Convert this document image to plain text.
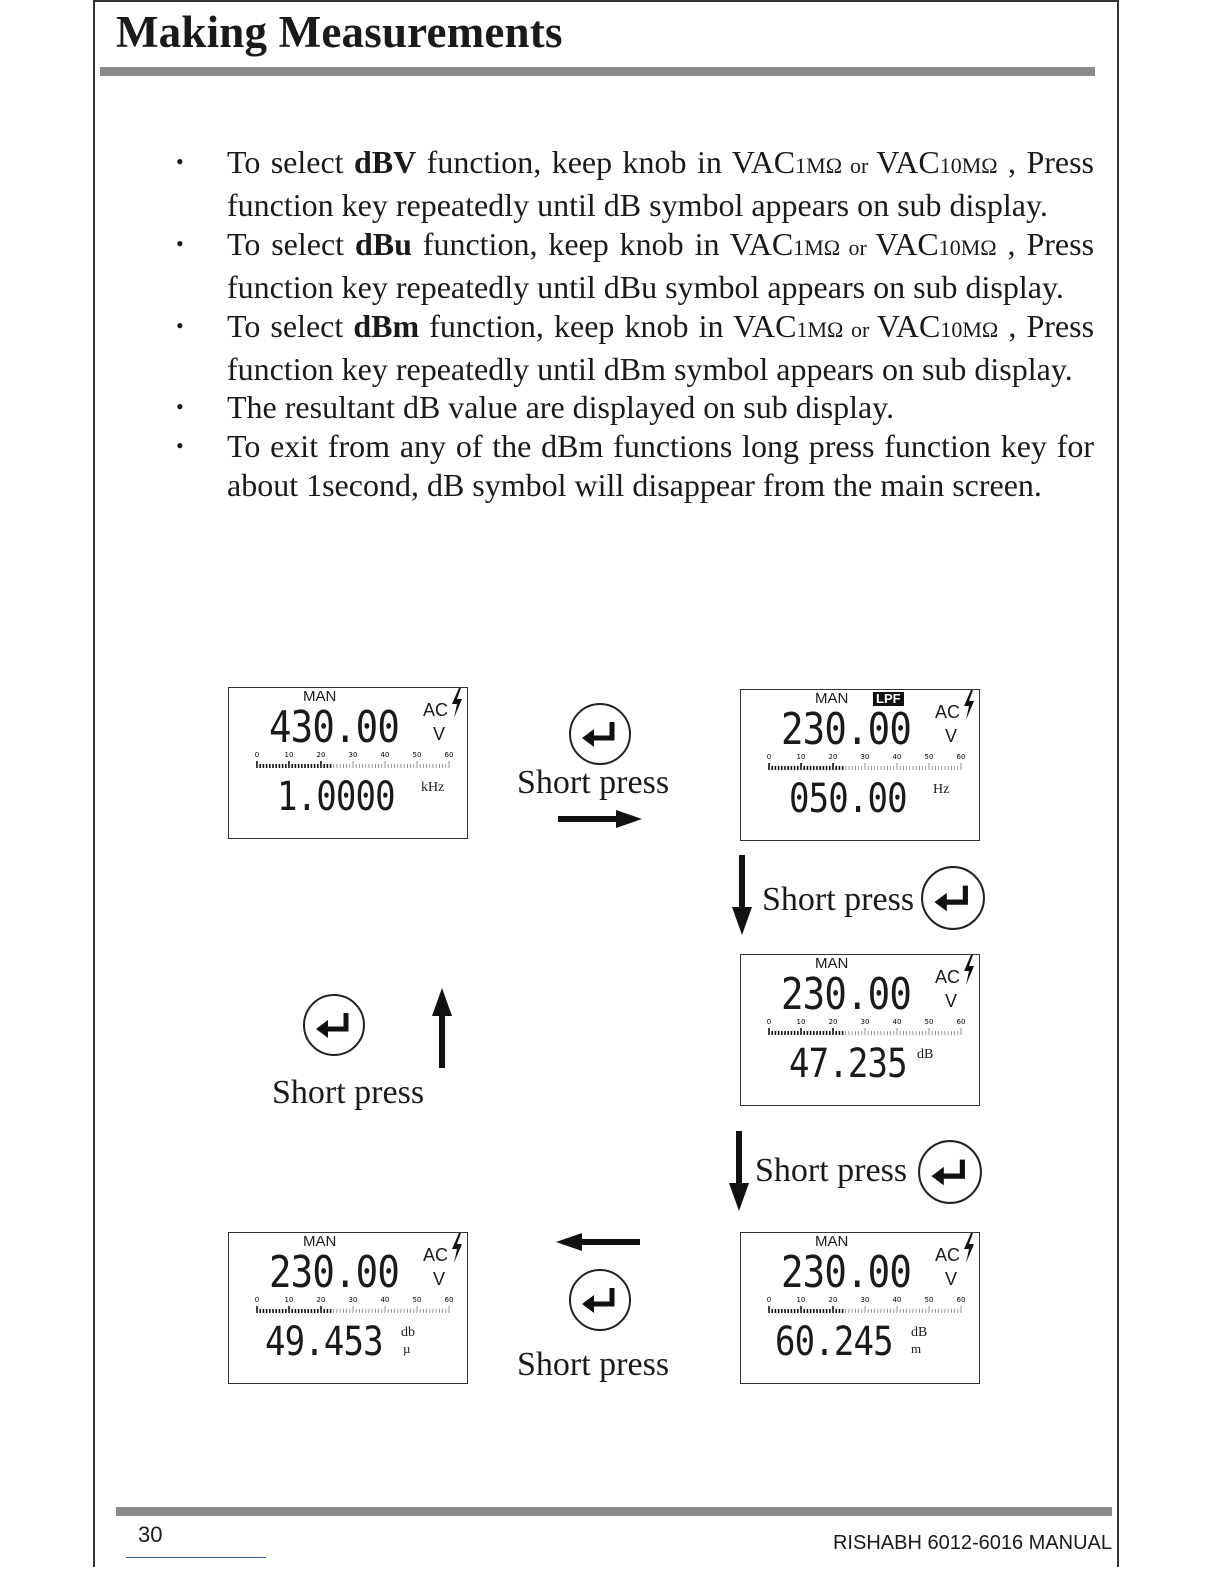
Making Measurements
• To select dBV function, keep knob in VAC1MΩ or VAC10MΩ , Press function key repeatedly until dB symbol appears on sub display.
• To select dBu function, keep knob in VAC1MΩ or VAC10MΩ , Press function key repeatedly until dBu symbol appears on sub display.
• To select dBm function, keep knob in VAC1MΩ or VAC10MΩ , Press function key repeatedly until dBm symbol appears on sub display.
• The resultant dB value are displayed on sub display.
• To exit from any of the dBm functions long press function key for about 1second, dB symbol will disappear from the main screen.
MAN
AC
V
430.00
0	10	20	30	40	50	60
1.0000 kHz
MAN LPF
AC
V
230.00
0	10	20	30	40	50	60
050.00 Hz
MAN
AC
V
230.00
0	10	20	30	40	50	60
47.235 dB
MAN
AC
V
230.00
0	10	20	30	40	50	60
60.245 dB
m
MAN
AC
V
230.00
0	10	20	30	40	50	60
49.453 db
µ
Short press
Short press
Short press
Short press
Short press
30	RISHABH 6012-6016 MANUAL
